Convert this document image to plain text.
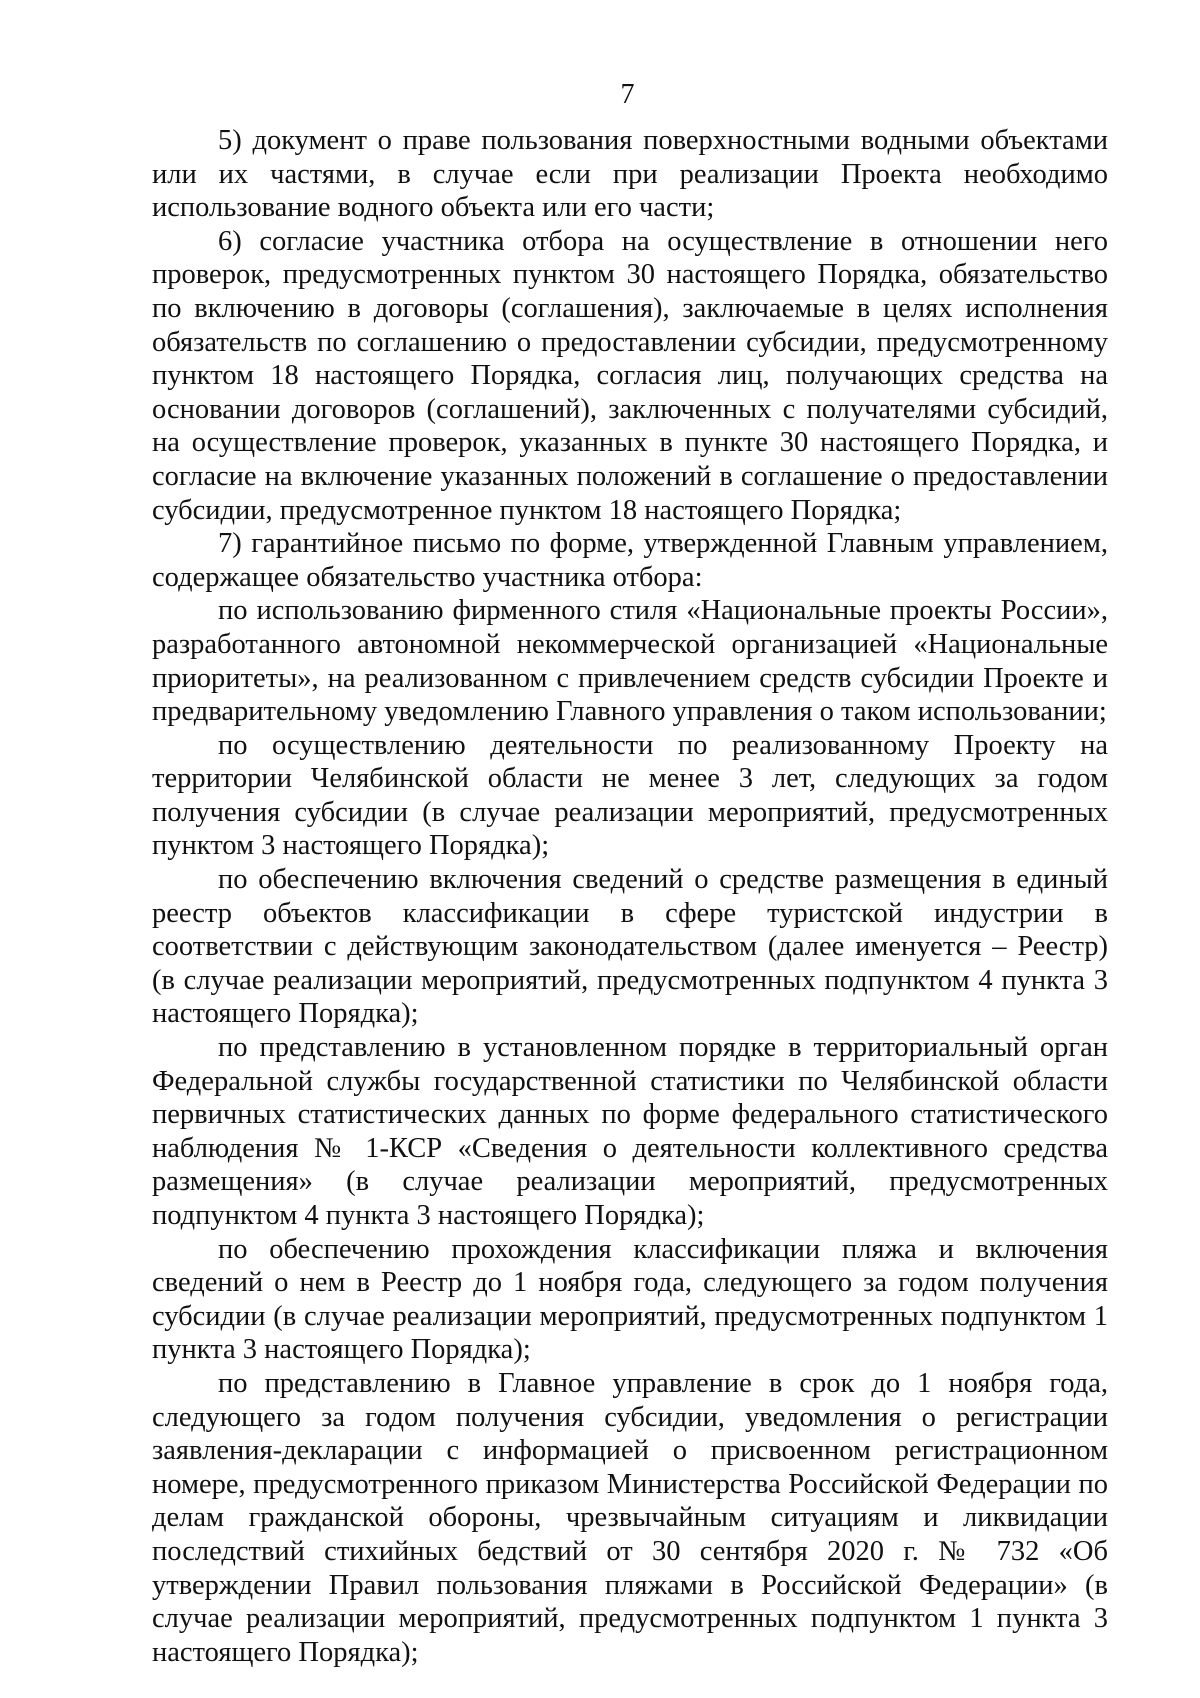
7

5) документ о праве пользования поверхностными водными объектами или их частями, в случае если при реализации Проекта необходимо использование водного объекта или его части;

6) согласие участника отбора на осуществление в отношении него проверок, предусмотренных пунктом 30 настоящего Порядка, обязательство по включению в договоры (соглашения), заключаемые в целях исполнения обязательств по соглашению о предоставлении субсидии, предусмотренному пунктом 18 настоящего Порядка, согласия лиц, получающих средства на основании договоров (соглашений), заключенных с получателями субсидий, на осуществление проверок, указанных в пункте 30 настоящего Порядка, и согласие на включение указанных положений в соглашение о предоставлении субсидии, предусмотренное пунктом 18 настоящего Порядка;

7) гарантийное письмо по форме, утвержденной Главным управлением, содержащее обязательство участника отбора:

по использованию фирменного стиля «Национальные проекты России», разработанного автономной некоммерческой организацией «Национальные приоритеты», на реализованном с привлечением средств субсидии Проекте и предварительному уведомлению Главного управления о таком использовании;

по осуществлению деятельности по реализованному Проекту на территории Челябинской области не менее 3 лет, следующих за годом получения субсидии (в случае реализации мероприятий, предусмотренных пунктом 3 настоящего Порядка);

по обеспечению включения сведений о средстве размещения в единый реестр объектов классификации в сфере туристской индустрии в соответствии с действующим законодательством (далее именуется – Реестр) (в случае реализации мероприятий, предусмотренных подпунктом 4 пункта 3 настоящего Порядка);

по представлению в установленном порядке в территориальный орган Федеральной службы государственной статистики по Челябинской области первичных статистических данных по форме федерального статистического наблюдения № 1-КСР «Сведения о деятельности коллективного средства размещения» (в случае реализации мероприятий, предусмотренных подпунктом 4 пункта 3 настоящего Порядка);

по обеспечению прохождения классификации пляжа и включения сведений о нем в Реестр до 1 ноября года, следующего за годом получения субсидии (в случае реализации мероприятий, предусмотренных подпунктом 1 пункта 3 настоящего Порядка);

по представлению в Главное управление в срок до 1 ноября года, следующего за годом получения субсидии, уведомления о регистрации заявления-декларации с информацией о присвоенном регистрационном номере, предусмотренного приказом Министерства Российской Федерации по делам гражданской обороны, чрезвычайным ситуациям и ликвидации последствий стихийных бедствий от 30 сентября 2020 г. № 732 «Об утверждении Правил пользования пляжами в Российской Федерации» (в случае реализации мероприятий, предусмотренных подпунктом 1 пункта 3 настоящего Порядка);
